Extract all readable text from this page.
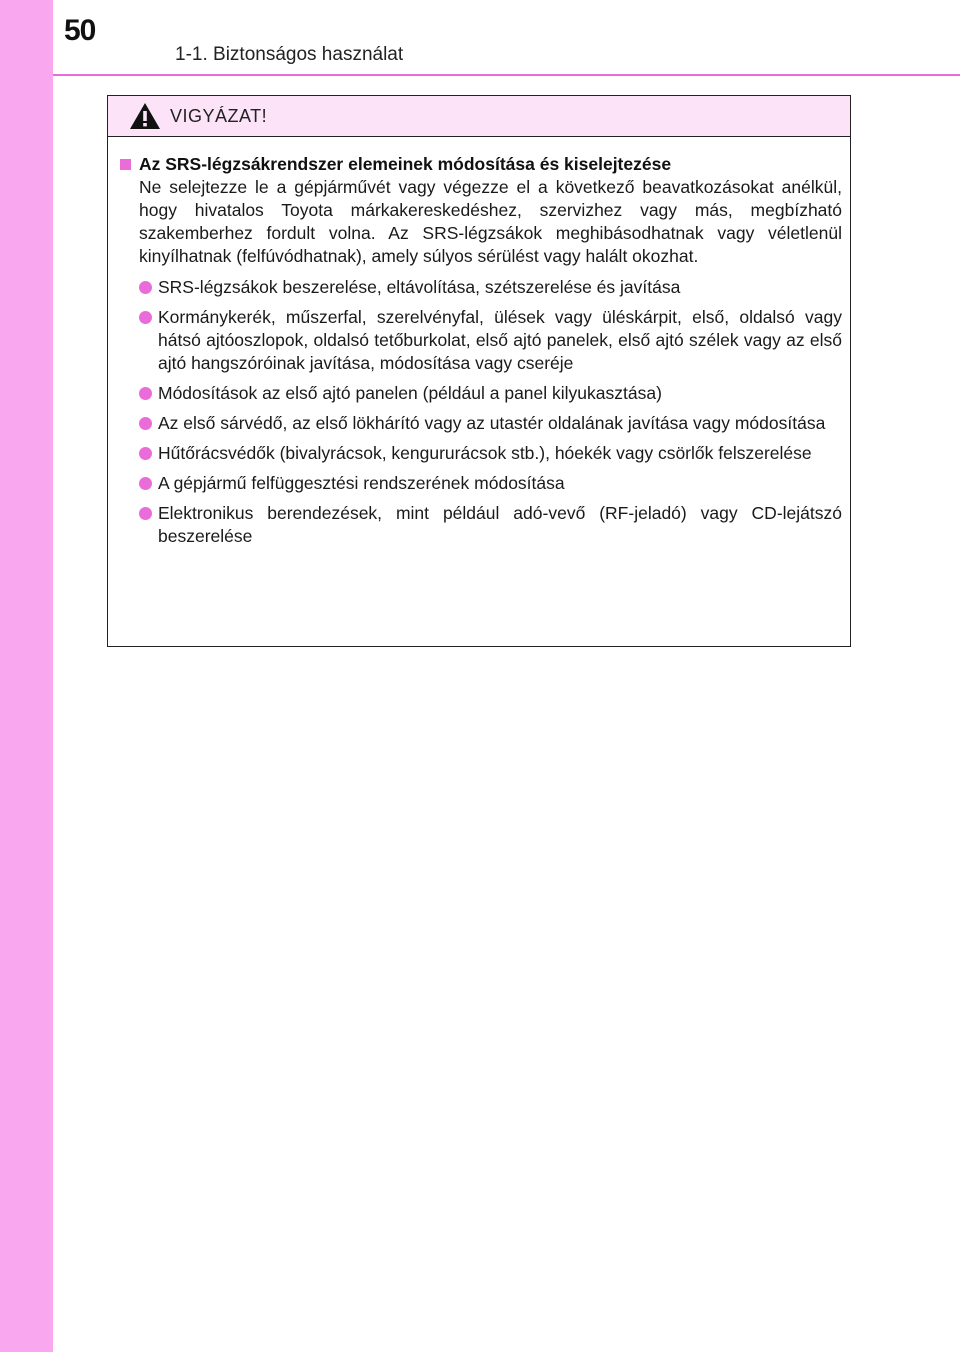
50
1-1. Biztonságos használat
VIGYÁZAT!
Az SRS-légzsákrendszer elemeinek módosítása és kiselejtezése

Ne selejtezze le a gépjárművét vagy végezze el a következő beavatkozásokat anélkül, hogy hivatalos Toyota márkakereskedéshez, szervizhez vagy más, megbízható szakemberhez fordult volna. Az SRS-légzsákok meghibásodhatnak vagy véletlenül kinyílhatnak (felfúvódhatnak), amely súlyos sérülést vagy halált okozhat.

SRS-légzsákok beszerelése, eltávolítása, szétszerelése és javítása
Kormánykerék, műszerfal, szerelvényfal, ülések vagy üléskárpit, első, oldalsó vagy hátsó ajtóoszlopok, oldalsó tetőburkolat, első ajtó panelek, első ajtó szélek vagy az első ajtó hangszóróinak javítása, módosítása vagy cseréje
Módosítások az első ajtó panelen (például a panel kilyukasztása)
Az első sárvédő, az első lökhárító vagy az utastér oldalának javítása vagy módosítása
Hűtőrácsvédők (bivalyrácsok, kengururácsok stb.), hóekék vagy csörlők felszerelése
A gépjármű felfüggesztési rendszerének módosítása
Elektronikus berendezések, mint például adó-vevő (RF-jeladó) vagy CD-lejátszó beszerelése
